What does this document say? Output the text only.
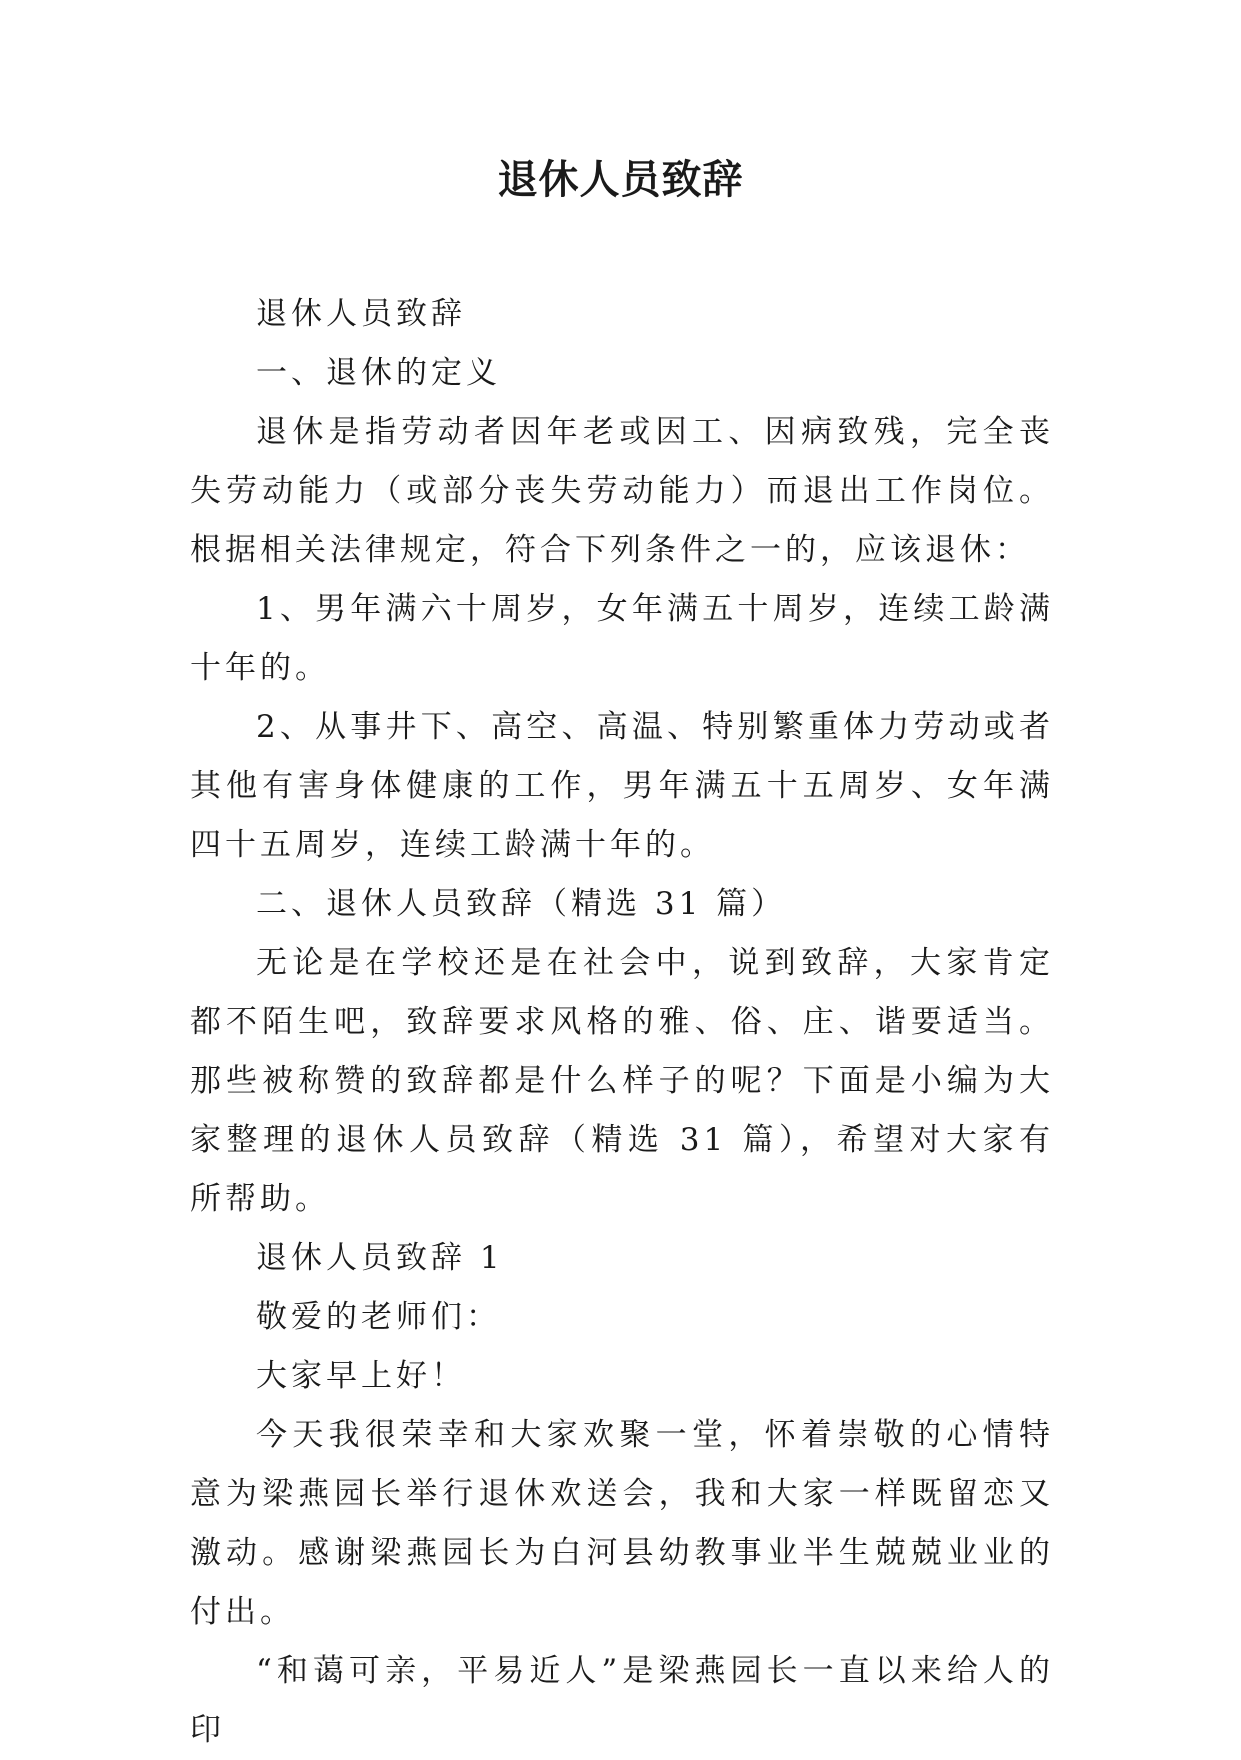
退休人员致辞

退休人员致辞

一、退休的定义

退休是指劳动者因年老或因工、因病致残，完全丧失劳动能力（或部分丧失劳动能力）而退出工作岗位。根据相关法律规定，符合下列条件之一的，应该退休：

1、男年满六十周岁，女年满五十周岁，连续工龄满十年的。

2、从事井下、高空、高温、特别繁重体力劳动或者其他有害身体健康的工作，男年满五十五周岁、女年满四十五周岁，连续工龄满十年的。

二、退休人员致辞（精选 31 篇）

无论是在学校还是在社会中，说到致辞，大家肯定都不陌生吧，致辞要求风格的雅、俗、庄、谐要适当。那些被称赞的致辞都是什么样子的呢？下面是小编为大家整理的退休人员致辞（精选 31 篇），希望对大家有所帮助。

退休人员致辞 1

敬爱的老师们：

大家早上好！

今天我很荣幸和大家欢聚一堂，怀着崇敬的心情特意为梁燕园长举行退休欢送会，我和大家一样既留恋又激动。感谢梁燕园长为白河县幼教事业半生兢兢业业的付出。

“和蔼可亲，平易近人”是梁燕园长一直以来给人的印
